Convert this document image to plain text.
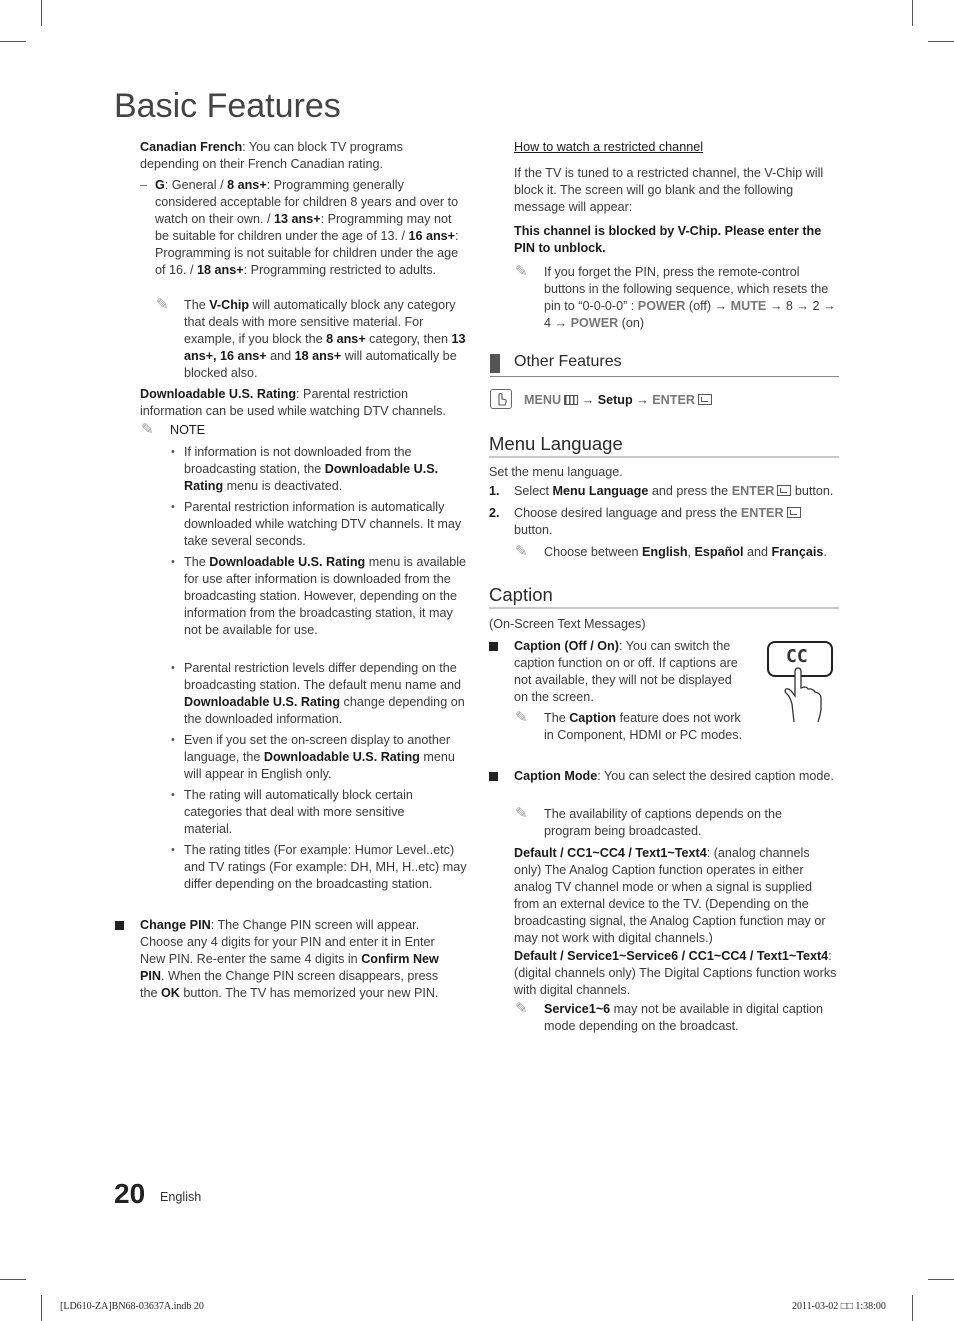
Basic Features
Canadian French: You can block TV programs depending on their French Canadian rating.
– G: General / 8 ans+: Programming generally considered acceptable for children 8 years and over to watch on their own. / 13 ans+: Programming may not be suitable for children under the age of 13. / 16 ans+: Programming is not suitable for children under the age of 16. / 18 ans+: Programming restricted to adults.
✎ The V-Chip will automatically block any category that deals with more sensitive material. For example, if you block the 8 ans+ category, then 13 ans+, 16 ans+ and 18 ans+ will automatically be blocked also.
Downloadable U.S. Rating: Parental restriction information can be used while watching DTV channels.
✎ NOTE
• If information is not downloaded from the broadcasting station, the Downloadable U.S. Rating menu is deactivated.
• Parental restriction information is automatically downloaded while watching DTV channels. It may take several seconds.
• The Downloadable U.S. Rating menu is available for use after information is downloaded from the broadcasting station. However, depending on the information from the broadcasting station, it may not be available for use.
• Parental restriction levels differ depending on the broadcasting station. The default menu name and Downloadable U.S. Rating change depending on the downloaded information.
• Even if you set the on-screen display to another language, the Downloadable U.S. Rating menu will appear in English only.
• The rating will automatically block certain categories that deal with more sensitive material.
• The rating titles (For example: Humor Level..etc) and TV ratings (For example: DH, MH, H..etc) may differ depending on the broadcasting station.
Change PIN: The Change PIN screen will appear. Choose any 4 digits for your PIN and enter it in Enter New PIN. Re-enter the same 4 digits in Confirm New PIN. When the Change PIN screen disappears, press the OK button. The TV has memorized your new PIN.
How to watch a restricted channel
If the TV is tuned to a restricted channel, the V-Chip will block it. The screen will go blank and the following message will appear:
This channel is blocked by V-Chip. Please enter the PIN to unblock.
✎ If you forget the PIN, press the remote-control buttons in the following sequence, which resets the pin to “0-0-0-0” : POWER (off) → MUTE → 8 → 2 → 4 → POWER (on)
Other Features
MENU → Setup → ENTER
Menu Language
Set the menu language.
1. Select Menu Language and press the ENTER button.
2. Choose desired language and press the ENTER
button.
✎ Choose between English, Español and Français.
Caption
(On-Screen Text Messages)
Caption (Off / On): You can switch the caption function on or off. If captions are not available, they will not be displayed on the screen.
CC
✎ The Caption feature does not work in Component, HDMI or PC modes.
Caption Mode: You can select the desired caption mode.
✎ The availability of captions depends on the program being broadcasted.
Default / CC1~CC4 / Text1~Text4: (analog channels only) The Analog Caption function operates in either analog TV channel mode or when a signal is supplied from an external device to the TV. (Depending on the broadcasting signal, the Analog Caption function may or may not work with digital channels.)
Default / Service1~Service6 / CC1~CC4 / Text1~Text4: (digital channels only) The Digital Captions function works with digital channels.
✎ Service1~6 may not be available in digital caption mode depending on the broadcast.
20 English
[LD610-ZA]BN68-03637A.indb 20	2011-03-02 □□ 1:38:00
